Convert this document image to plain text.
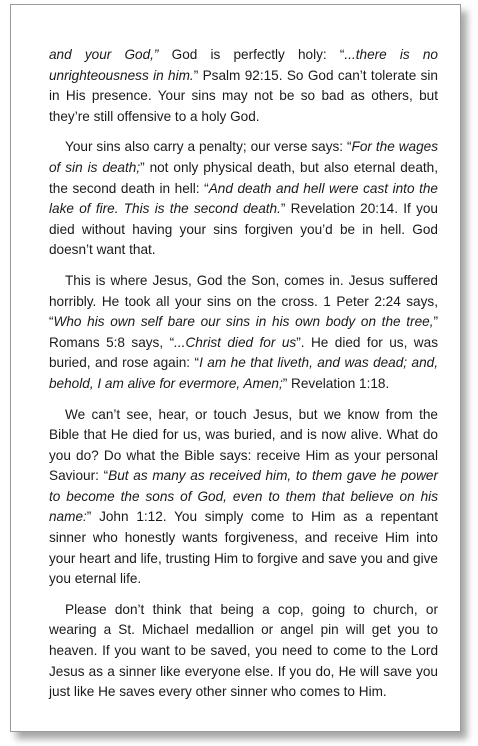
and your God,” God is perfectly holy: “...there is no unrighteousness in him.” Psalm 92:15. So God can’t tolerate sin in His presence. Your sins may not be so bad as others, but they’re still offensive to a holy God.

Your sins also carry a penalty; our verse says: “For the wages of sin is death;” not only physical death, but also eternal death, the second death in hell: “And death and hell were cast into the lake of fire. This is the second death.” Revelation 20:14. If you died without having your sins forgiven you’d be in hell. God doesn’t want that.

This is where Jesus, God the Son, comes in. Jesus suffered horribly. He took all your sins on the cross. 1 Peter 2:24 says, “Who his own self bare our sins in his own body on the tree,” Romans 5:8 says, “...Christ died for us”. He died for us, was buried, and rose again: “I am he that liveth, and was dead; and, behold, I am alive for evermore, Amen;” Revelation 1:18.

We can’t see, hear, or touch Jesus, but we know from the Bible that He died for us, was buried, and is now alive. What do you do? Do what the Bible says: receive Him as your personal Saviour: “But as many as received him, to them gave he power to become the sons of God, even to them that believe on his name:” John 1:12. You simply come to Him as a repentant sinner who honestly wants forgiveness, and receive Him into your heart and life, trusting Him to forgive and save you and give you eternal life.

Please don’t think that being a cop, going to church, or wearing a St. Michael medallion or angel pin will get you to heaven. If you want to be saved, you need to come to the Lord Jesus as a sinner like everyone else. If you do, He will save you just like He saves every other sinner who comes to Him.
